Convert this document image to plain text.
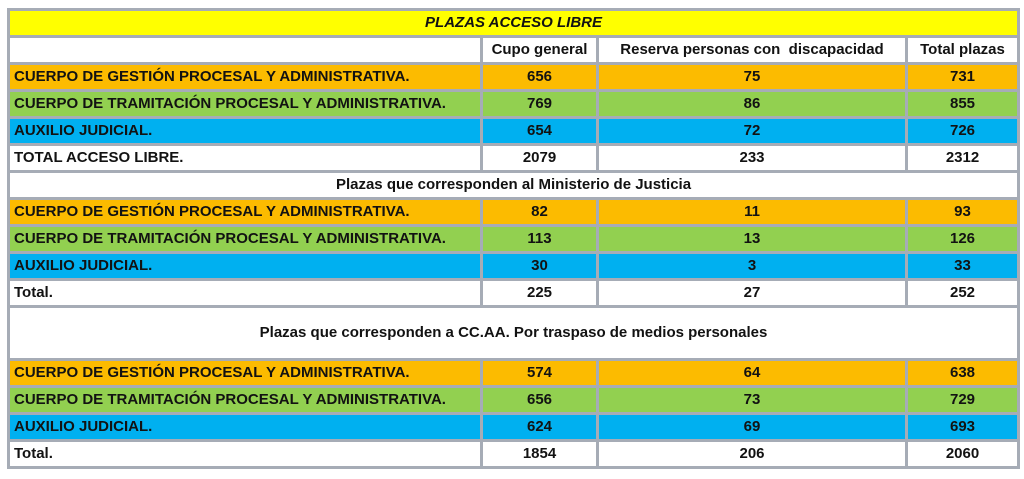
PLAZAS ACCESO LIBRE			
	Cupo general	Reserva personas con  discapacidad	Total plazas
CUERPO DE GESTIÓN PROCESAL Y ADMINISTRATIVA.	656	75	731
CUERPO DE TRAMITACIÓN PROCESAL Y ADMINISTRATIVA.	769	86	855
AUXILIO JUDICIAL.	654	72	726
TOTAL ACCESO LIBRE.	2079	233	2312
Plazas que corresponden al Ministerio de Justicia			
CUERPO DE GESTIÓN PROCESAL Y ADMINISTRATIVA.	82	11	93
CUERPO DE TRAMITACIÓN PROCESAL Y ADMINISTRATIVA.	113	13	126
AUXILIO JUDICIAL.	30	3	33
Total.	225	27	252
Plazas que corresponden a CC.AA. Por traspaso de medios personales			
CUERPO DE GESTIÓN PROCESAL Y ADMINISTRATIVA.	574	64	638
CUERPO DE TRAMITACIÓN PROCESAL Y ADMINISTRATIVA.	656	73	729
AUXILIO JUDICIAL.	624	69	693
Total.	1854	206	2060
